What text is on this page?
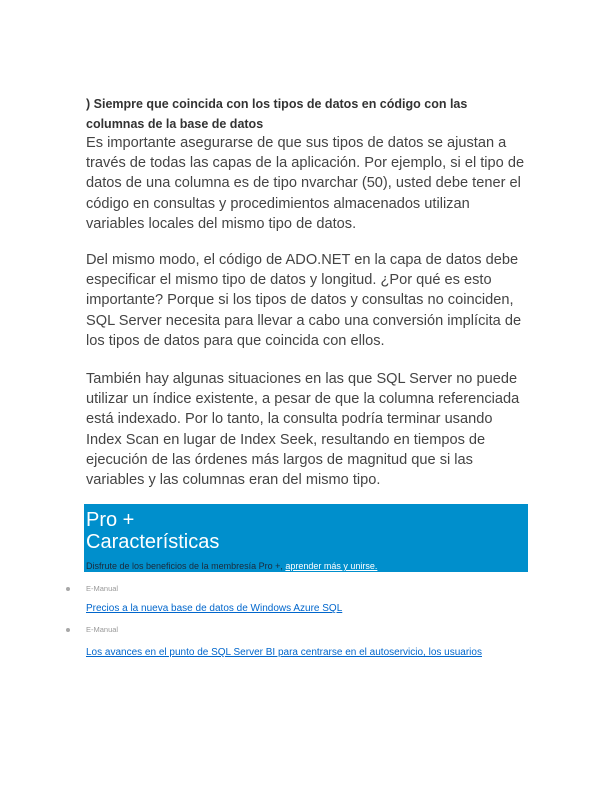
) Siempre que coincida con los tipos de datos en código con las columnas de la base de datos

Es importante asegurarse de que sus tipos de datos se ajustan a través de todas las capas de la aplicación. Por ejemplo, si el tipo de datos de una columna es de tipo nvarchar (50), usted debe tener el código en consultas y procedimientos almacenados utilizan variables locales del mismo tipo de datos.

Del mismo modo, el código de ADO.NET en la capa de datos debe especificar el mismo tipo de datos y longitud. ¿Por qué es esto importante? Porque si los tipos de datos y consultas no coinciden, SQL Server necesita para llevar a cabo una conversión implícita de los tipos de datos para que coincida con ellos.

También hay algunas situaciones en las que SQL Server no puede utilizar un índice existente, a pesar de que la columna referenciada está indexado. Por lo tanto, la consulta podría terminar usando Index Scan en lugar de Index Seek, resultando en tiempos de ejecución de las órdenes más largos de magnitud que si las variables y las columnas eran del mismo tipo.

Pro +
Características
Disfrute de los beneficios de la membresía Pro +, aprender más y unirse.
E-Manual
Precios a la nueva base de datos de Windows Azure SQL
E-Manual
Los avances en el punto de SQL Server BI para centrarse en el autoservicio, los usuarios
